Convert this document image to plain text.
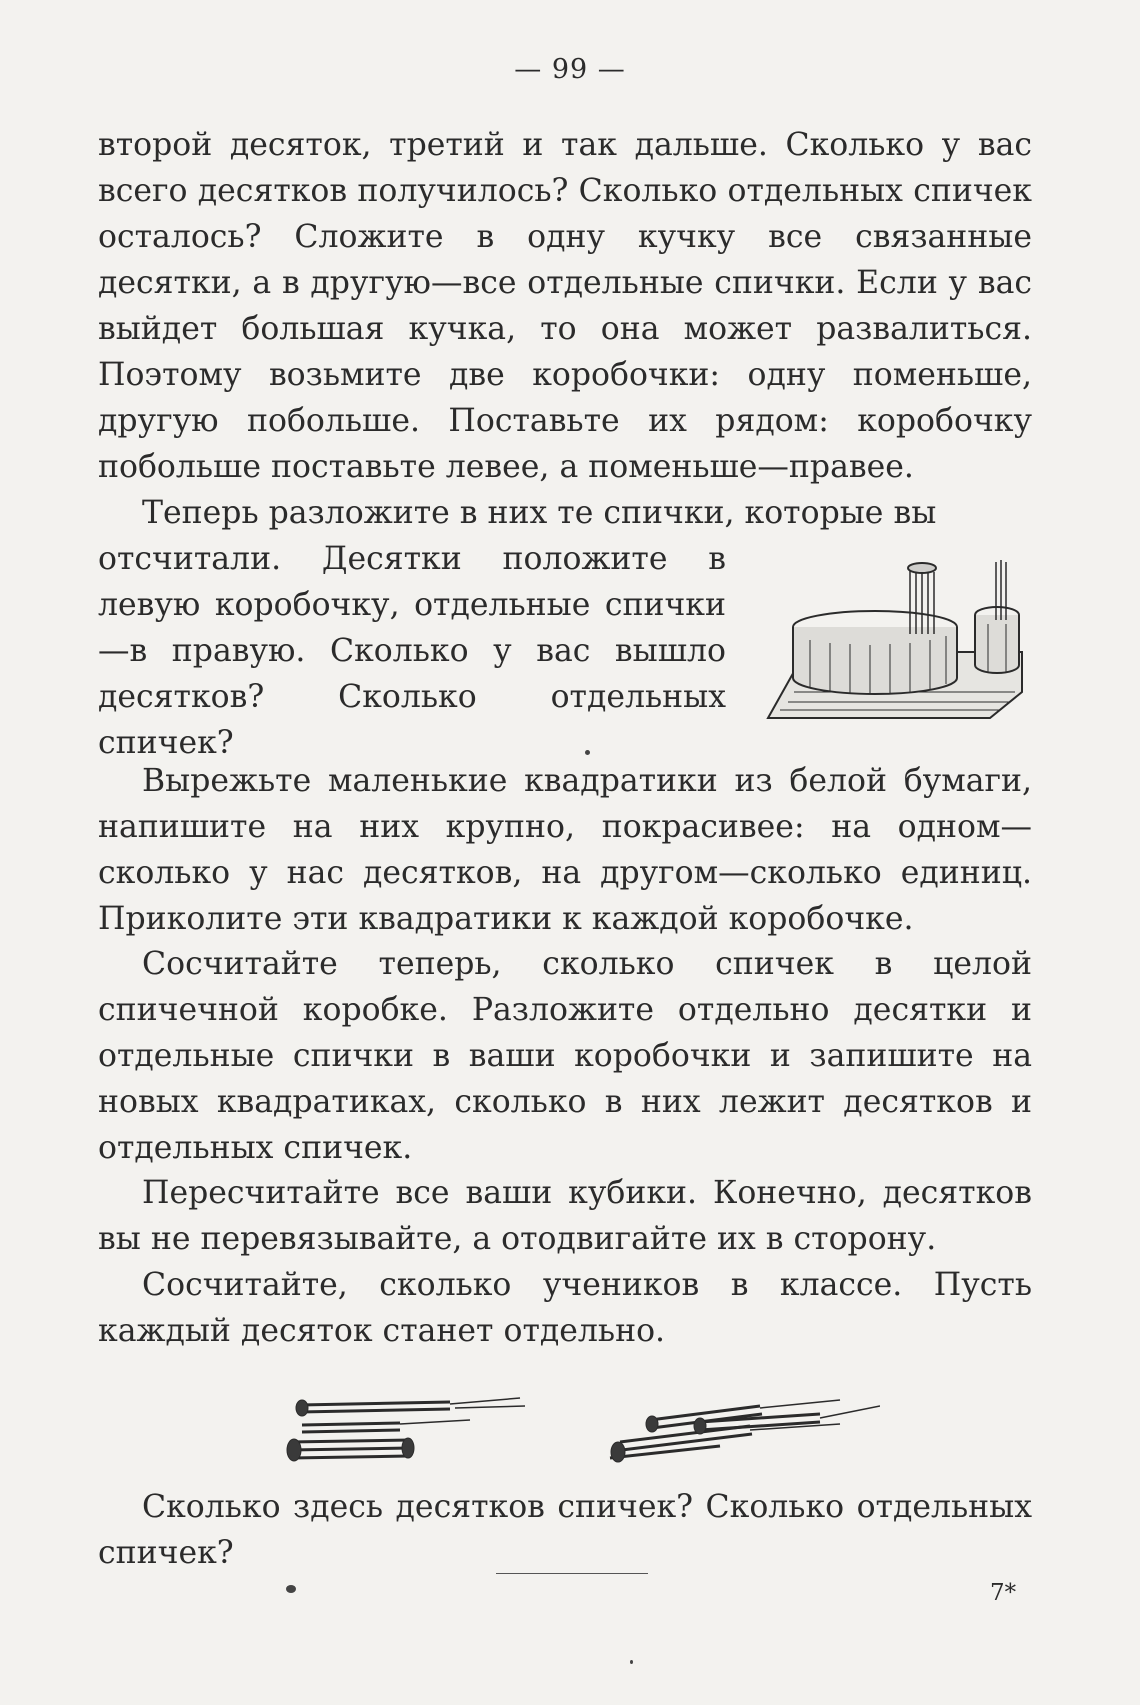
— 99 —

второй десяток, третий и так дальше. Сколько у вас всего десятков получилось? Сколько отдельных спичек осталось? Сложите в одну кучку все связанные десятки, а в другую—все отдельные спички. Если у вас выйдет большая кучка, то она может развалиться. Поэтому возьмите две коробочки: одну поменьше, другую побольше. Поставьте их рядом: коробочку побольше поставьте левее, а поменьше—правее.

Теперь разложите в них те спички, которые вы

отсчитали. Десятки положите в левую коробочку, отдельные спички—в правую. Сколько у вас вышло десятков? Сколько отдельных спичек?

Вырежьте маленькие квадратики из белой бумаги, напишите на них крупно, покрасивее: на одном—сколько у нас десятков, на другом—сколько единиц. Приколите эти квадратики к каждой коробочке.

Сосчитайте теперь, сколько спичек в целой спичечной коробке. Разложите отдельно десятки и отдельные спички в ваши коробочки и запишите на новых квадратиках, сколько в них лежит десятков и отдельных спичек.

Пересчитайте все ваши кубики. Конечно, десятков вы не перевязывайте, а отодвигайте их в сторону.

Сосчитайте, сколько учеников в классе. Пусть каждый десяток станет отдельно.

Сколько здесь десятков спичек? Сколько отдельных спичек?

7*
